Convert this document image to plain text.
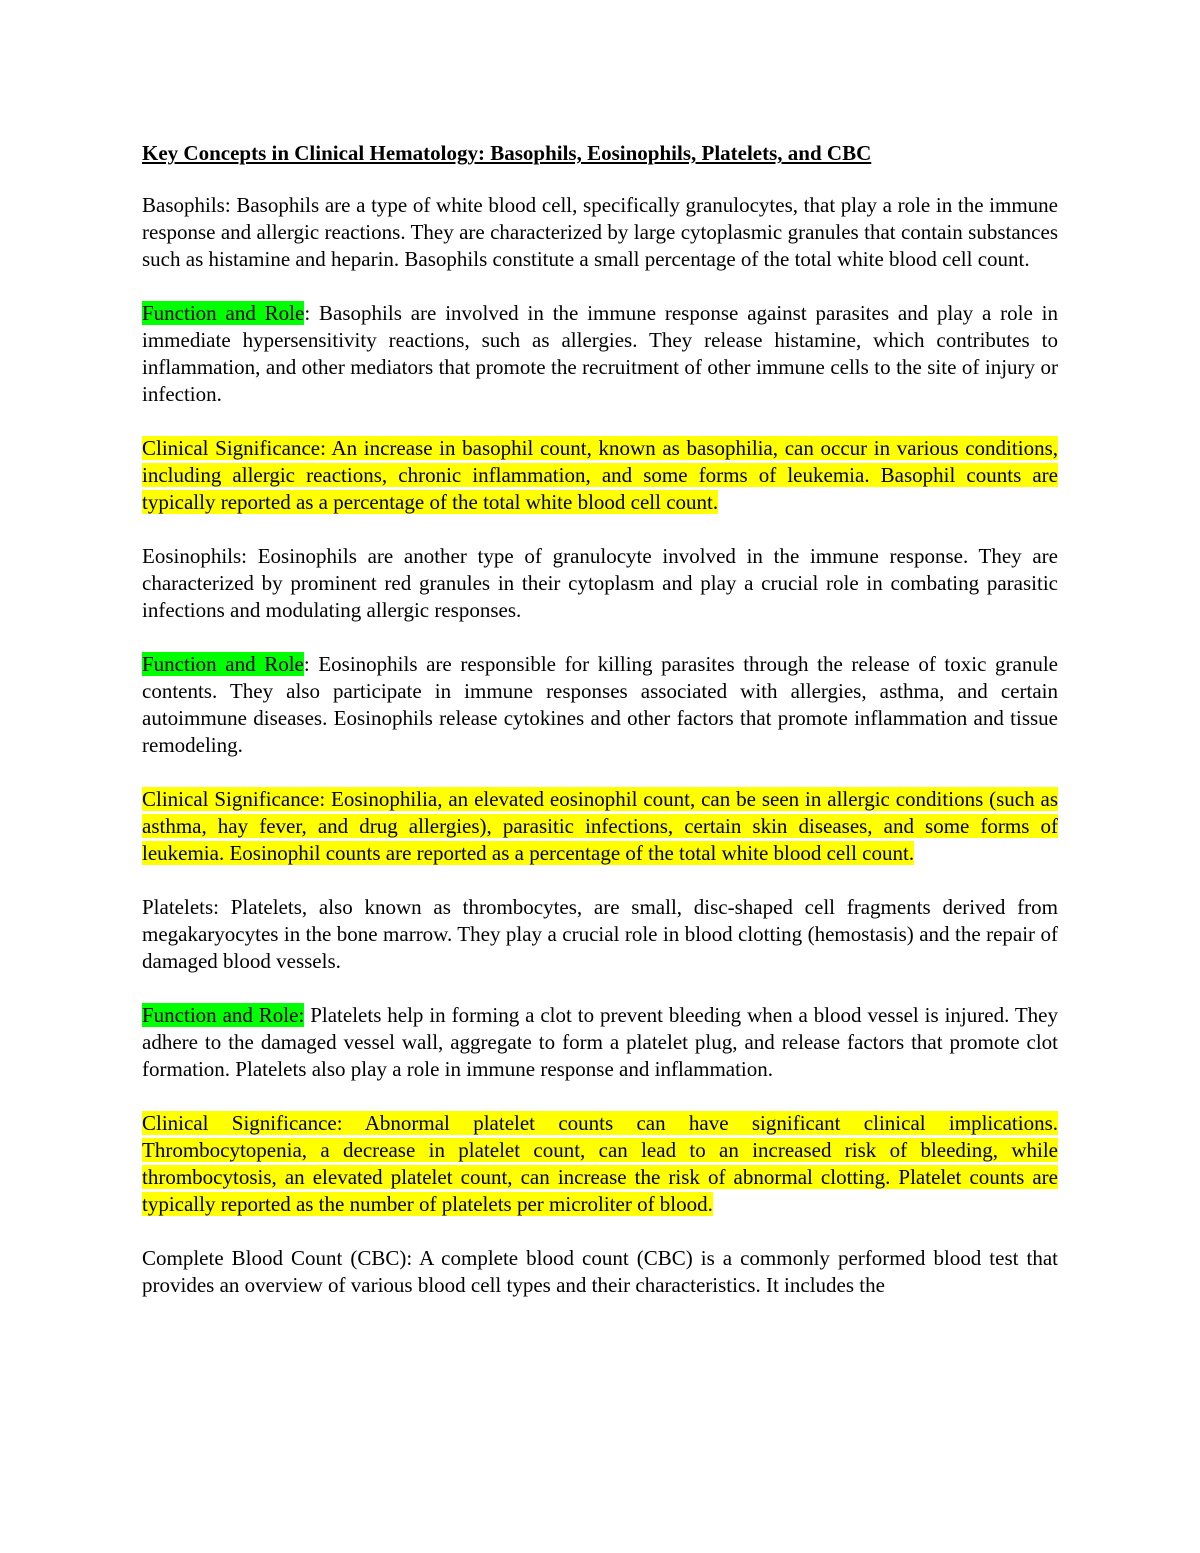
Key Concepts in Clinical Hematology: Basophils, Eosinophils, Platelets, and CBC

Basophils: Basophils are a type of white blood cell, specifically granulocytes, that play a role in the immune response and allergic reactions. They are characterized by large cytoplasmic granules that contain substances such as histamine and heparin. Basophils constitute a small percentage of the total white blood cell count.

Function and Role: Basophils are involved in the immune response against parasites and play a role in immediate hypersensitivity reactions, such as allergies. They release histamine, which contributes to inflammation, and other mediators that promote the recruitment of other immune cells to the site of injury or infection.

Clinical Significance: An increase in basophil count, known as basophilia, can occur in various conditions, including allergic reactions, chronic inflammation, and some forms of leukemia. Basophil counts are typically reported as a percentage of the total white blood cell count.

Eosinophils: Eosinophils are another type of granulocyte involved in the immune response. They are characterized by prominent red granules in their cytoplasm and play a crucial role in combating parasitic infections and modulating allergic responses.

Function and Role: Eosinophils are responsible for killing parasites through the release of toxic granule contents. They also participate in immune responses associated with allergies, asthma, and certain autoimmune diseases. Eosinophils release cytokines and other factors that promote inflammation and tissue remodeling.

Clinical Significance: Eosinophilia, an elevated eosinophil count, can be seen in allergic conditions (such as asthma, hay fever, and drug allergies), parasitic infections, certain skin diseases, and some forms of leukemia. Eosinophil counts are reported as a percentage of the total white blood cell count.

Platelets: Platelets, also known as thrombocytes, are small, disc-shaped cell fragments derived from megakaryocytes in the bone marrow. They play a crucial role in blood clotting (hemostasis) and the repair of damaged blood vessels.

Function and Role: Platelets help in forming a clot to prevent bleeding when a blood vessel is injured. They adhere to the damaged vessel wall, aggregate to form a platelet plug, and release factors that promote clot formation. Platelets also play a role in immune response and inflammation.

Clinical Significance: Abnormal platelet counts can have significant clinical implications. Thrombocytopenia, a decrease in platelet count, can lead to an increased risk of bleeding, while thrombocytosis, an elevated platelet count, can increase the risk of abnormal clotting. Platelet counts are typically reported as the number of platelets per microliter of blood.

Complete Blood Count (CBC): A complete blood count (CBC) is a commonly performed blood test that provides an overview of various blood cell types and their characteristics. It includes the
